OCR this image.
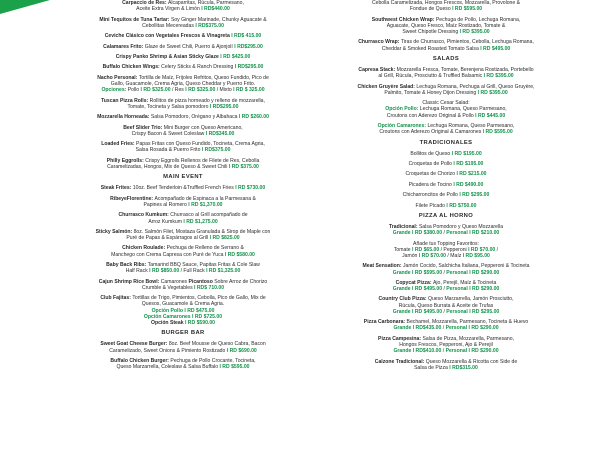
Carpaccio de Res: Alcaparritas, Rúcula, Parmesano,
Aceite Extra Virgen & Limón I RD$440.00
Mini Tequitos de Tuna Tartar: Soy Ginger Marinade, Chunky Aguacate &
Cebollitas Mecereadas I RD$375.00
Ceviche Clásico con Vegetales Frescos & Vinagreta I RD$ 415.00
Calamares Frito: Glaze de Sweet Chili, Puerro & Ajonjolí I RD$295.00
Crispy Panko Shrimp & Asian Sticky Glaze I RD $425.00
Buffalo Chicken Wings: Celery Sticks & Ranch Dressing I RD$295.00
Nacho Personal: Tortilla de Maíz, Frijoles Refritos, Queso Fundido, Pico de
Gallo, Guacamole, Crema Agria, Queso Cheddar y Puerro Frito.
Opciones: Pollo I RD $325.00 / Res I RD $325.00 / Mixto I RD $ 325.00
Tuscan Pizza Rolls: Rollitos de pizza horneado y relleno de mozzarella,
Tomate, Tocineta y Salsa pomodoro I RD$295.00
Mozzarella Horneada: Salsa Pomodoro, Orégano y Albahaca I RD $260.00
Beef Slider Trio: Mini Burger con Queso Americano,
Crispy Bacon & Sweet Coleslaw I RD$345.00
Loaded Fries: Papas Fritas con Queso Fundido, Tocineta, Crema Agria,
Salsa Rosada & Puerro Frito I RD$375.00
Philly Eggrolls: Crispy Eggrolls Rellenos de Filete de Res, Cebolla
Caramelizadas, Hongos, Mix de Queso & Sweet Chili I RD $375.00
MAIN EVENT
Steak Frites: 10oz. Beef Tenderloin &Truffled French Fries I RD $730.00
RibeyeFlorentine: Acompañado de Espinaca a la Parmesana &
Papines al Romero I RD $1,370.00
Churrasco Kumkum: Churrasco al Grill acompañado de
Arroz Kumkum I RD $1,275.00
Sticky Salmón: 8oz. Salmón Filet, Mostaza Granulada & Sirop de Maple con
Puré de Papas & Espárragos al Grill I RD $825.00
Chicken Roulade: Pechuga de Relleno de Serrano &
Manchego con Crema Capresa con Puré de Yuca I RD $580.00
Baby Back Ribs: Tamarind BBQ Sauce, Papitas Fritas & Cole Slaw
Half Rack I RD $850.00 / Full Rack I RD $1,325.00
Cajun Shrimp Rice Bowl: Camarones Picantoso Sobre Arroz de Chorizo
Crumble & Vegetables I RD$ 710.00
Club Fajitas: Tortillas de Trigo, Pimientos, Cebolla, Pico de Gallo, Mix de
Quesos, Guacamole & Crema Agria.
Opción Pollo I RD $475.00
Opción Camarones I RD $725.00
Opción Steak I RD $590.00
BURGER BAR
Sweet Goat Cheese Burger: 8oz. Beef Mousse de Queso Cabra, Bacon
Caramelizado, Sweet Onions & Pimiento Rostizado I RD $690.00
Buffalo Chicken Burger: Pechuga de Pollo Crocante, Tocineta,
Queso Marzarrella, Coleslaw & Salsa Buffalo I RD $595.00
Cebolla Caramelizada, Hongos Frescos, Mozzarella, Provolone &
Fondue de Queso I RD $595.00
Southwest Chicken Wrap: Pechuga de Pollo, Lechuga Romana,
Aguacate, Queso Fresco, Maíz Rostizado, Tomate &
Sweet Chipotle Dressing I RD $395.00
Churrasco Wrap: Tiras de Churrasco, Pimientos, Cebolla, Lechuga Romana,
Cheddar & Smoked Roasted Tomato Salsa I RD $495.00
SALADS
Capresa Stack: Mozzarella Fresca, Tomate, Berenjena Rostizada, Portebello
al Grill, Rúcula, Prosciutto & Truffled Balsamic I RD $395.00
Chicken Gruyère Salad: Lechuga Romana, Pechuga al Grill, Queso Gruyère,
Palmito, Tomate & Honey Dijon Dressing I RD $395.00
Classic Cesar Salad:
Opción Pollo: Lechuga Romana, Queso Parmesano,
Croutons con Aderezo Original & Pollo I RD $445.00
Opción Camarones: Lechuga Romana, Queso Parmesano,
Croutons con Aderezo Original & Camarones I RD $595.00
TRADICIONALES
Bollitos de Queso I RD $195.00
Croquetas de Pollo I RD $195.00
Croquetas de Chorizo I RD $215.00
Picadera de Tocino I RD $490.00
Chicharroncitos de Pollo I RD $295.00
Filete Picado I RD $750.00
PIZZA AL HORNO
Tradicional: Salsa Pomodoro y Queso Mozzarella
Grande I RD $380.00 / Personal I RD $210.00
Añade tus Topping Favoritos:
Tomate I RD $65.00 / Pepperoni I RD $70.00 /
Jamón I RD $70.00 / Maíz I RD $95.00
Meat Sensation: Jamón Cocido, Salchicha Italiana, Pepperoni & Tocineta
Grande I RD $595.00 / Personal I RD $290.00
Copycat Pizza: Ajo, Perejil, Maíz & Tocineta
Grande I RD $495.00 / Personal I RD $290.00
Country Club Pizza: Queso Marzarrella, Jamón Prosciutto,
Rúcula, Queso Burrata & Aceite de Trufas
Grande I RD $495.00 / Personal I RD $295.00
Pizza Carbonara: Bechamel, Mozzarella, Parmesano, Tocineta & Huevo
Grande I RD$435.00 / Personal I RD $290.00
Pizza Campesina: Salsa de Pizza, Mozzarella, Parmesano,
Hongos Frescos, Pepperoni, Ajo & Perejil
Grande I RD$410.00 / Personal I RD $290.00
Calzone Tradicional: Queso Mozzarella & Ricotta con Side de
Salsa de Pizza I RD$315.00
